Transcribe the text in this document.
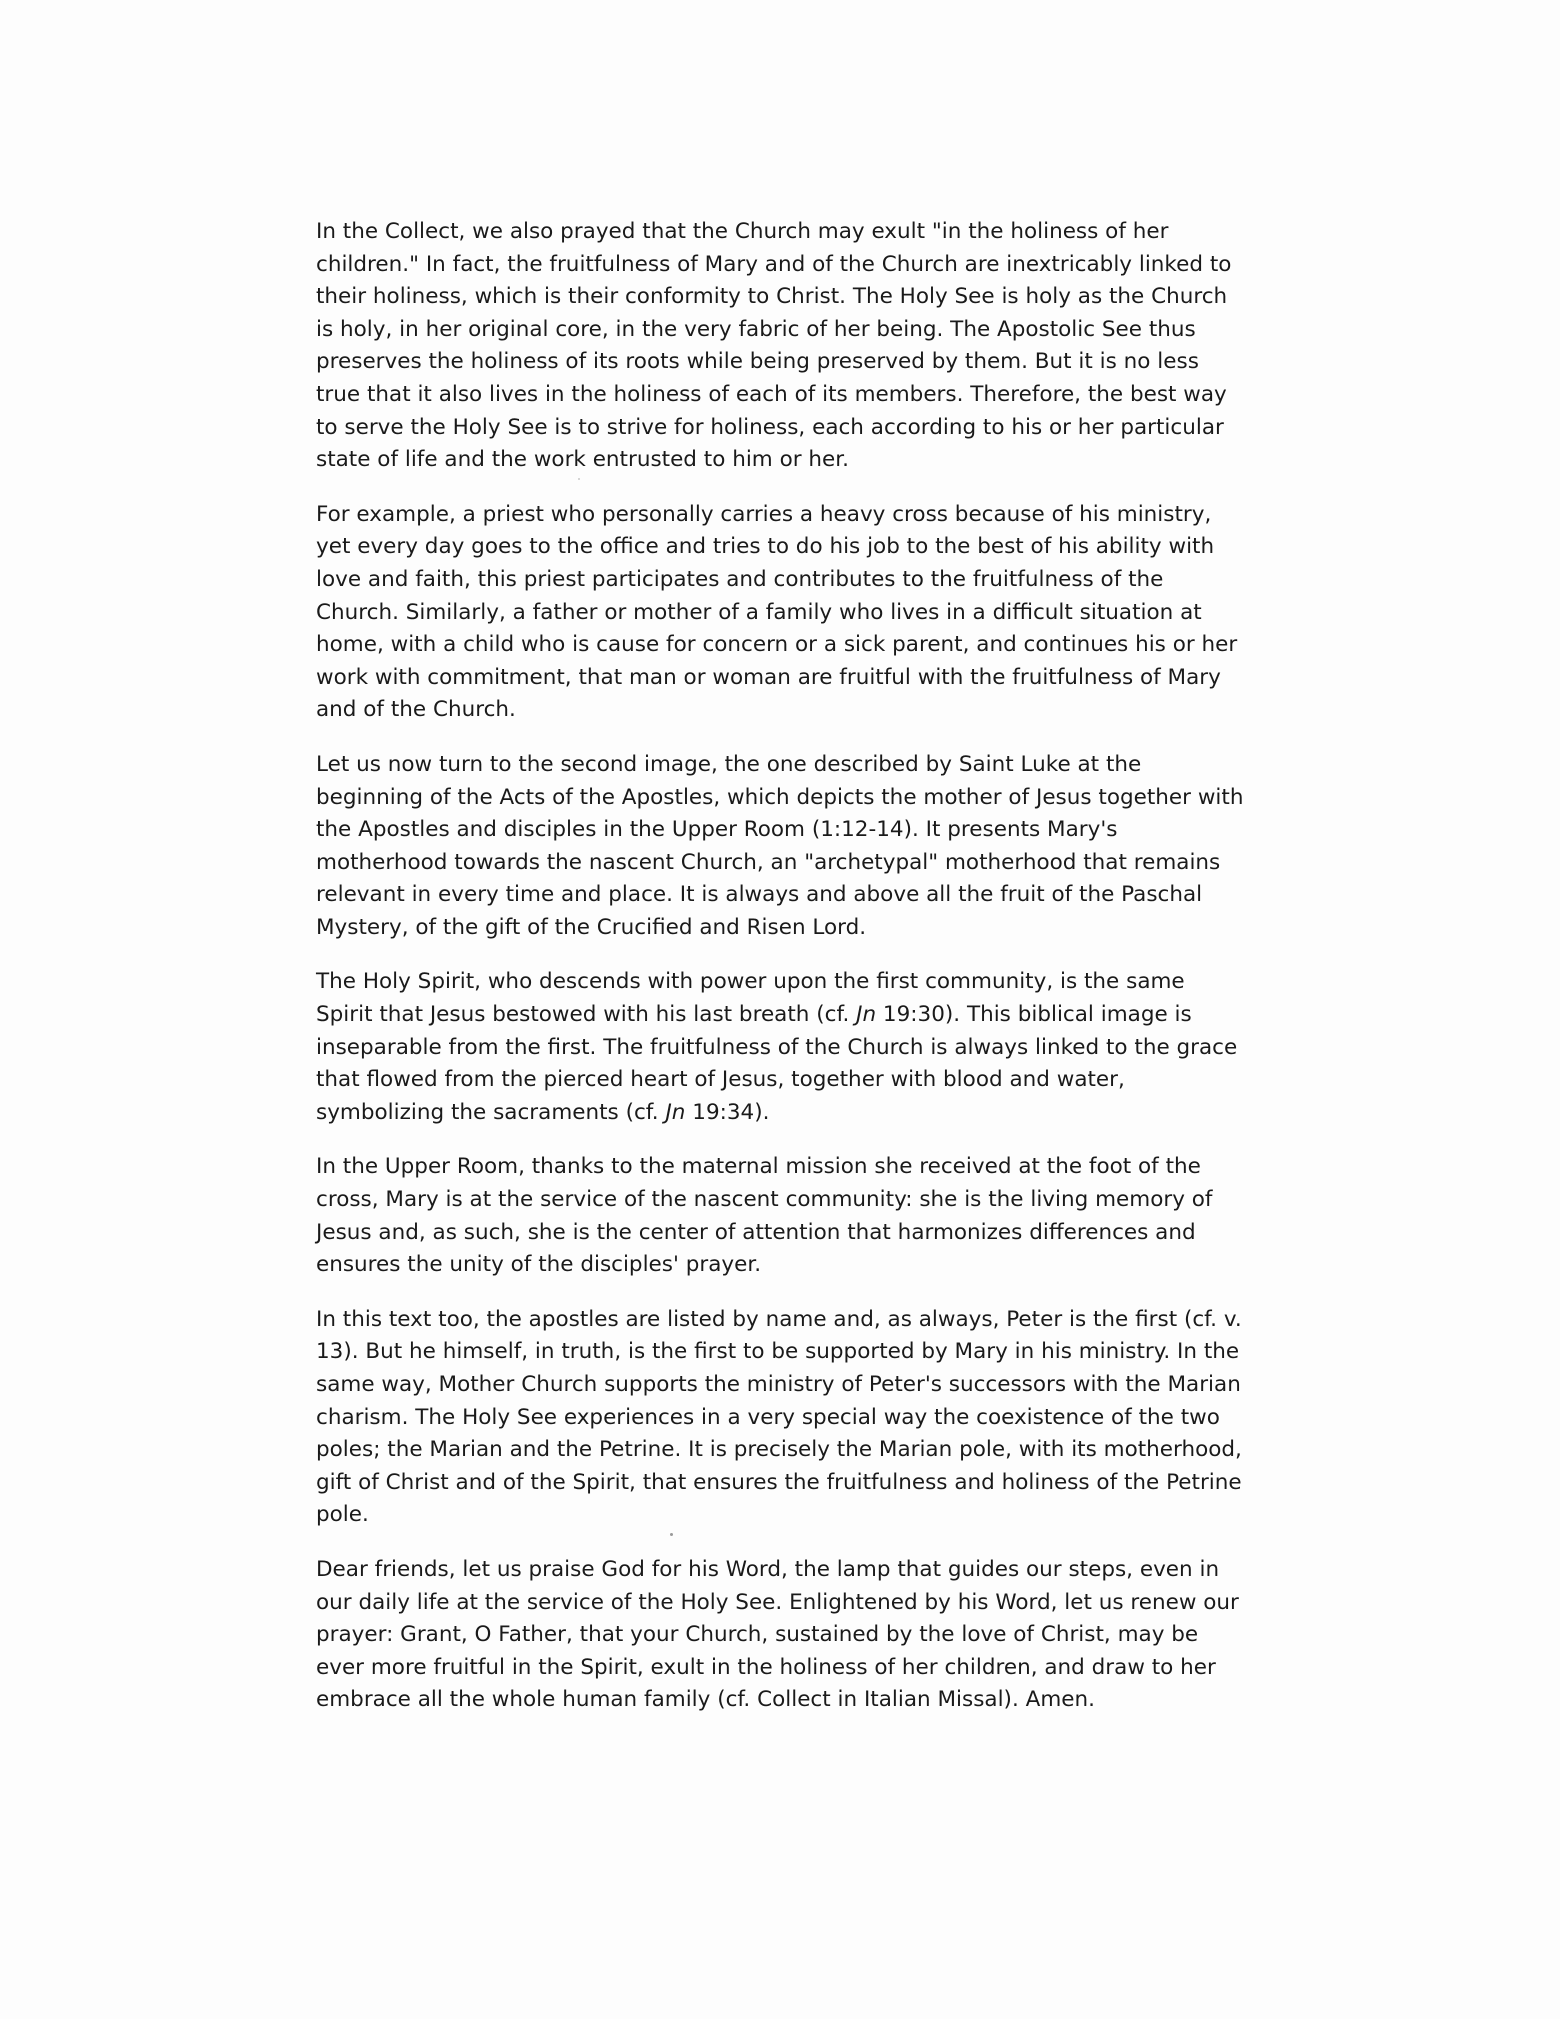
In the Collect, we also prayed that the Church may exult "in the holiness of her children." In fact, the fruitfulness of Mary and of the Church are inextricably linked to their holiness, which is their conformity to Christ. The Holy See is holy as the Church is holy, in her original core, in the very fabric of her being. The Apostolic See thus preserves the holiness of its roots while being preserved by them. But it is no less true that it also lives in the holiness of each of its members. Therefore, the best way to serve the Holy See is to strive for holiness, each according to his or her particular state of life and the work entrusted to him or her.

For example, a priest who personally carries a heavy cross because of his ministry, yet every day goes to the office and tries to do his job to the best of his ability with love and faith, this priest participates and contributes to the fruitfulness of the Church. Similarly, a father or mother of a family who lives in a difficult situation at home, with a child who is cause for concern or a sick parent, and continues his or her work with commitment, that man or woman are fruitful with the fruitfulness of Mary and of the Church.

Let us now turn to the second image, the one described by Saint Luke at the beginning of the Acts of the Apostles, which depicts the mother of Jesus together with the Apostles and disciples in the Upper Room (1:12-14). It presents Mary's motherhood towards the nascent Church, an "archetypal" motherhood that remains relevant in every time and place. It is always and above all the fruit of the Paschal Mystery, of the gift of the Crucified and Risen Lord.

The Holy Spirit, who descends with power upon the first community, is the same Spirit that Jesus bestowed with his last breath (cf. Jn 19:30). This biblical image is inseparable from the first. The fruitfulness of the Church is always linked to the grace that flowed from the pierced heart of Jesus, together with blood and water, symbolizing the sacraments (cf. Jn 19:34).

In the Upper Room, thanks to the maternal mission she received at the foot of the cross, Mary is at the service of the nascent community: she is the living memory of Jesus and, as such, she is the center of attention that harmonizes differences and ensures the unity of the disciples' prayer.

In this text too, the apostles are listed by name and, as always, Peter is the first (cf. v. 13). But he himself, in truth, is the first to be supported by Mary in his ministry. In the same way, Mother Church supports the ministry of Peter's successors with the Marian charism. The Holy See experiences in a very special way the coexistence of the two poles; the Marian and the Petrine. It is precisely the Marian pole, with its motherhood, gift of Christ and of the Spirit, that ensures the fruitfulness and holiness of the Petrine pole.

Dear friends, let us praise God for his Word, the lamp that guides our steps, even in our daily life at the service of the Holy See. Enlightened by his Word, let us renew our prayer: Grant, O Father, that your Church, sustained by the love of Christ, may be ever more fruitful in the Spirit, exult in the holiness of her children, and draw to her embrace all the whole human family (cf. Collect in Italian Missal). Amen.
